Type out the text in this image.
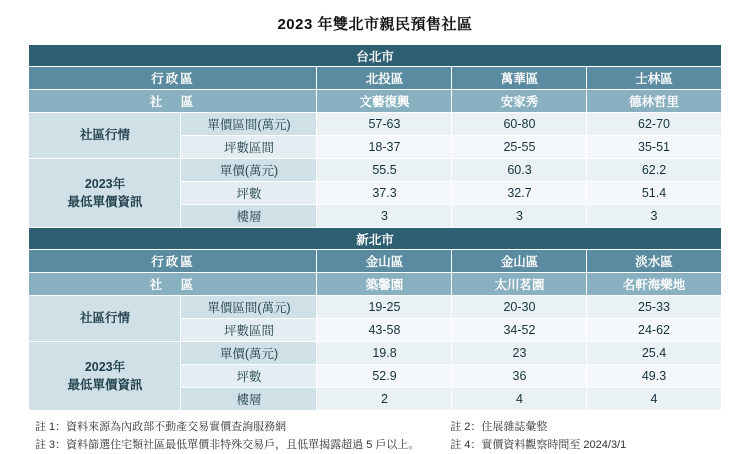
2023 年雙北市親民預售社區
台北市				
行政區		北投區	萬華區	士林區
社　區		文藝復興	安家秀	德林哲里
社區行情	單價區間(萬元)	57-63	60-80	62-70
	坪數區間	18-37	25-55	35-51

2023年
最低單價資訊	單價(萬元)	55.5	60.3	62.2
	坪數	37.3	32.7	51.4
	樓層	3	3	3
新北市				
行政區		金山區	金山區	淡水區
社　區		築馨園	太川茗園	名軒海樂地
社區行情	單價區間(萬元)	19-25	20-30	25-33
	坪數區間	43-58	34-52	24-62

2023年
最低單價資訊	單價(萬元)	19.8	23	25.4
	坪數	52.9	36	49.3
	樓層	2	4	4
註 1：資料來源為內政部不動產交易實價查詢服務網	註 2：住展雜誌彙整
註 3：資料篩選住宅類社區最低單價非特殊交易戶，且低單揭露超過 5 戶以上。	註 4：實價資料觀察時間至 2024/3/1
